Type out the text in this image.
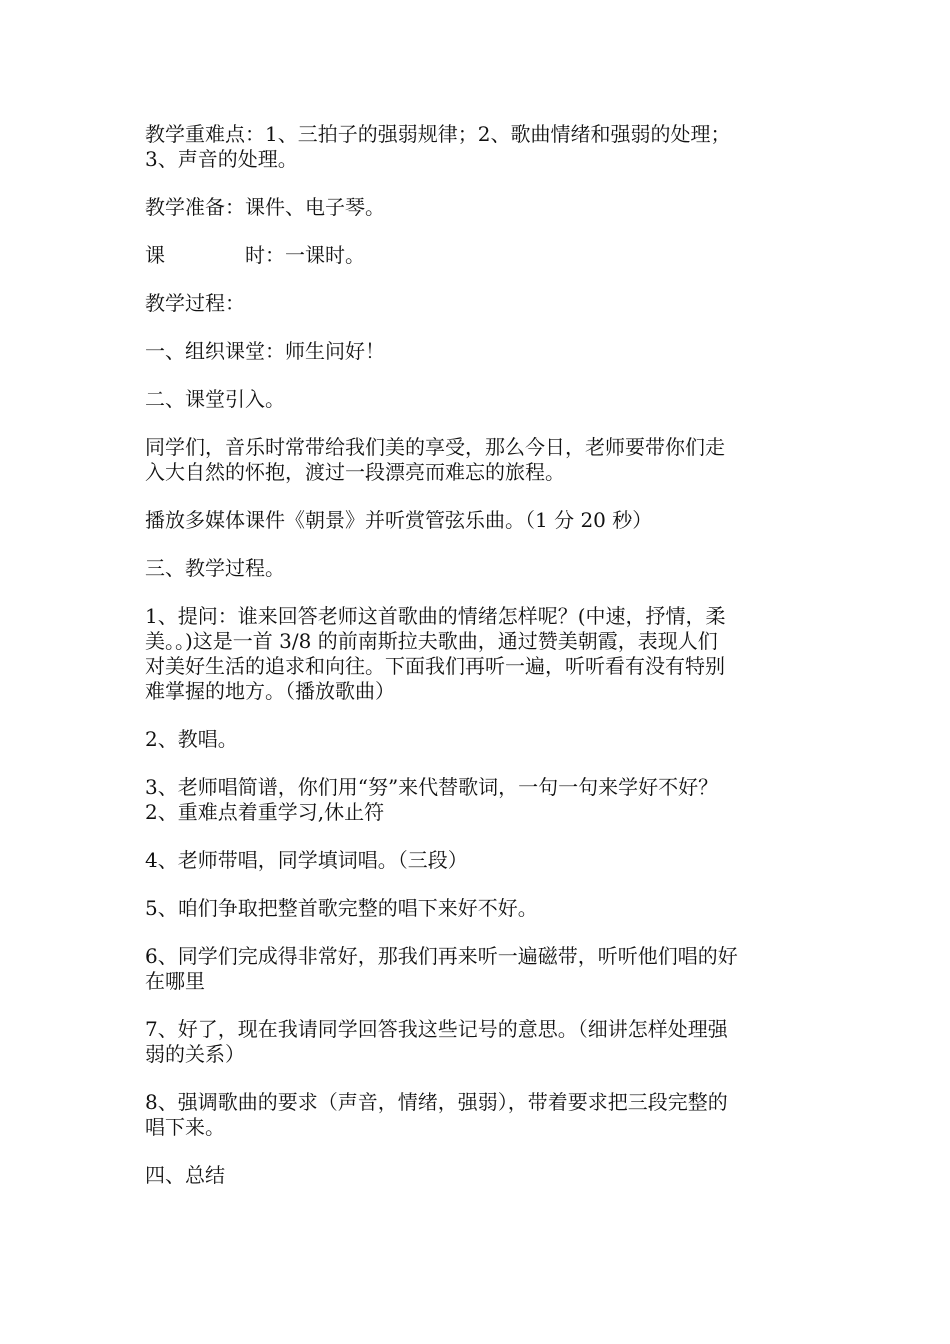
教学重难点：1、三拍子的强弱规律；2、歌曲情绪和强弱的处理；
3、声音的处理。

教学准备：课件、电子琴。

课	时：一课时。

教学过程：

一、组织课堂：师生问好！

二、课堂引入。

同学们，音乐时常带给我们美的享受，那么今日，老师要带你们走
入大自然的怀抱，渡过一段漂亮而难忘的旅程。

播放多媒体课件《朝景》并听赏管弦乐曲。（1 分 20 秒）

三、教学过程。

1、提问：谁来回答老师这首歌曲的情绪怎样呢？(中速，抒情，柔
美。。)这是一首 3/8 的前南斯拉夫歌曲，通过赞美朝霞，表现人们
对美好生活的追求和向往。下面我们再听一遍，听听看有没有特别
难掌握的地方。（播放歌曲）

2、教唱。

3、老师唱简谱，你们用“努”来代替歌词，一句一句来学好不好？
2、重难点着重学习,休止符

4、老师带唱，同学填词唱。（三段）

5、咱们争取把整首歌完整的唱下来好不好。

6、同学们完成得非常好，那我们再来听一遍磁带，听听他们唱的好
在哪里

7、好了，现在我请同学回答我这些记号的意思。（细讲怎样处理强
弱的关系）

8、强调歌曲的要求（声音，情绪，强弱），带着要求把三段完整的
唱下来。

四、总结
